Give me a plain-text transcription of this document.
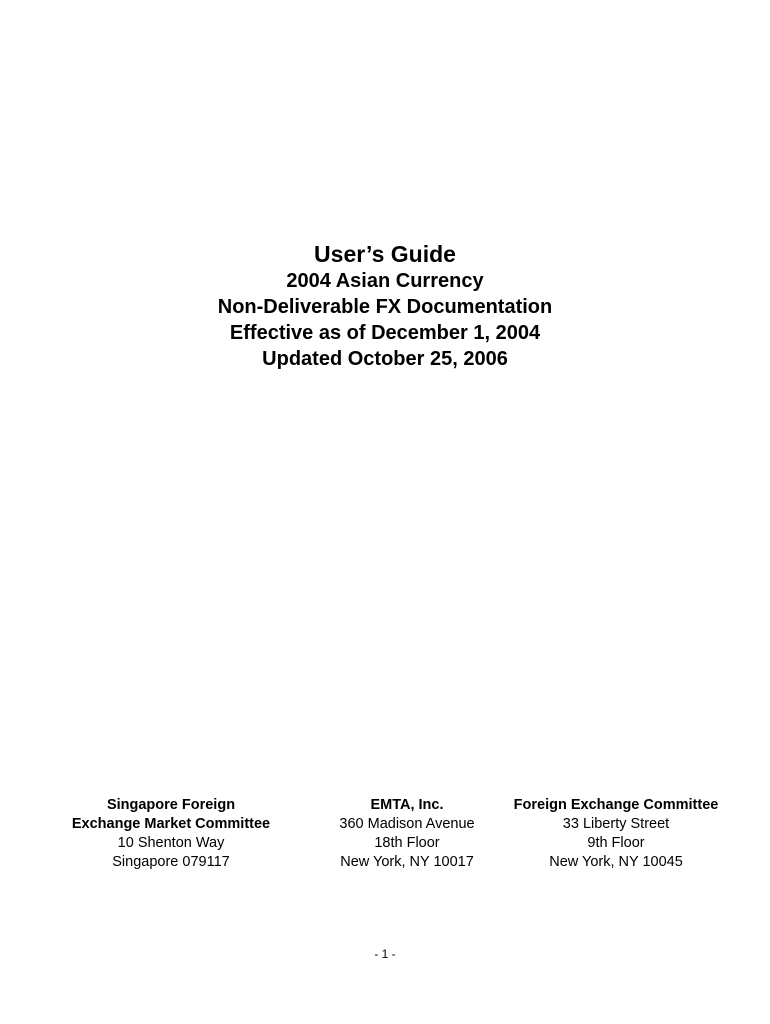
User’s Guide
2004 Asian Currency
Non-Deliverable FX Documentation
Effective as of December 1, 2004
Updated October 25, 2006
Singapore Foreign
Exchange Market Committee
10 Shenton Way
Singapore 079117
EMTA, Inc.
360 Madison Avenue
18th Floor
New York, NY 10017
Foreign Exchange Committee
33 Liberty Street
9th Floor
New York, NY 10045
- 1 -
